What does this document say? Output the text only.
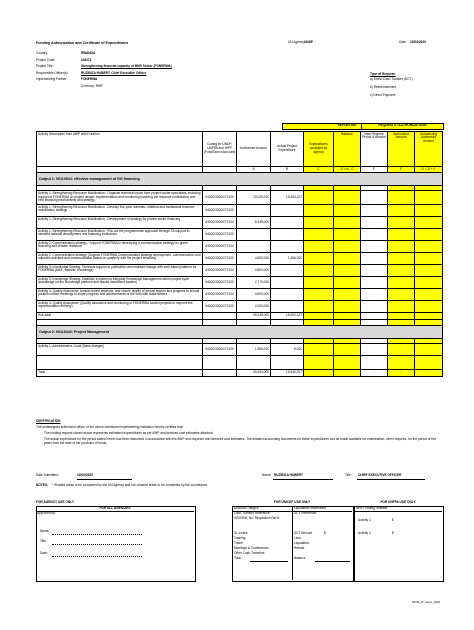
Funding Authorization and Certificate of Expenditures	UN Agency: UNDP	Date: 22/06/2020
Country:	RWANDA
Project Code:	116274
Project Title:	Strengthening financial capacity of BNR Sector (FONERWA)
Responsible Officer(s):	RUZIBIZA HUBERT, Chief Executive Officer
Implementing Partner:	FONERWA
Currency: RWF
Type of Request:
a) Direct Cash Transfer (DCT)
b) Reimbursement
c) Direct Payment
REPORTING	REQUESTS / AUTHORIZATIONS
Activity Description from AWP with Duration	Coding for UNDP, UNFPA and WFP (Fund/Donor/Account)	Authorised Amount	Actual Project Expenditure	Expenditures accepted by Agency	Balance	New Request Period & Amount	Authorised Amount	Outstanding Authorised Amount
		A	B	C	D = A - C	E	F	G = D + F
Output 1: 00113544: effective management of GG financing								

Activity 1: Strengthening Resource Mobilization : Organise technical inputs from project holder specialists, including support to FONERWA on project design, implementation and monitoring involving the resource mobilization and new financing mechanisms and strategy.	04000/30000/72100	20,029,000	15,454,227					
Activity 1: Strengthening Resource Mobilization : Develop five-year domestic, bilateral and multilateral resource mobilization strategy	04000/30000/72100	-	-					
Activity 1: Strengthening Resource Mobilization : Development of strategy for private sector financing	04000/30000/72100	6,345,000	-					
Activity 1: Strengthening Resource Mobilization : Roll-out the programmatic approach through TA support to selected national development and financing institutions	04000/30000/72100	-	-					
Activity 2: Communication strategy : Support FONERWA in developing a communication strategy on green financing and climate resilience	04000/30000/72100	-	-					
Activity 2: Communication strategy (Support FONERWA Communication strategy development, communication and outreach activities and communication-based on quarterly with the project sessions)	04000/30000/72100	4,600,000	1,466,000					
Activity 3: Knowledge Sharing: Technical support to publication and maintain linkage with web-based platform for FONERWA (M&E, website, knowledge)	04000/30000/72100	4,800,000	-					
Activity 3: Knowledge Sharing: Establish a system to integrate Knowledge Management within project cycle (knowledge on the knowledge platform and results dashboard system)	04000/30000/72100	2,770,000	-					
Activity 4: Quality Assurance: Annual review sessions, and ensure quality of annual reports and progress to annual portfolio review meetings to share progress and achievements of the fund with stakeholders	04000/30000/72100	4,600,000	-					
Activity 4: Quality Assurance: (Quality assurance and monitoring of FONERWA funded projects to improve the implementation delivery)	04000/30000/72100	2,000,000	-					
Sub-total		49,249,000	16,920,227					

Output 2: 00119440: Project Management								

Activity 1: Administrative Costs (Bank charges)	04000/30000/72100	1,365,000	5,000					

Total		49,434,000	16,940,227			-	-	
CERTIFICATION
The undersigned authorized officer of the above-mentioned implementing institution hereby certifies that:
The funding request shown above represents estimated expenditures as per AWP and itemized cost estimates attached.
The actual expenditure for the period stated herein has been disbursed in accordance with the AWP and requests with itemized cost estimates. The detailed accounting documents for these expenditures can be made available for examination, when required, for the period of five years from the date of the provision of funds.
Date Submitted:	22/06/2020	Name: RUZIBIZA HUBERT	Title: CHIEF EXECUTIVE OFFICER
NOTES: * Shaded areas to be completed by the UN Agency and non-shaded areas to be completed by the counterpart.
FOR AGENCY USE ONLY
FOR ALL AGENCIES
Approved by:
Name:
Title:
Date:
FOR UNICEF USE ONLY
Account Charges	Liquidation information
Cash Transfer Reference:	DCT Reference:
GRG/Ref. No. Requisition Ref #:
SL codes:	DCT Amount	$
Less:
Training
Travel	Liquidation
Meetings & Conferences	Refund
Other Cash Transfers
Total	Balance
FOR UNFPA USE ONLY
New Funding Release
Activity 1	$
Activity 2	$
FACE_IP_report_2020
